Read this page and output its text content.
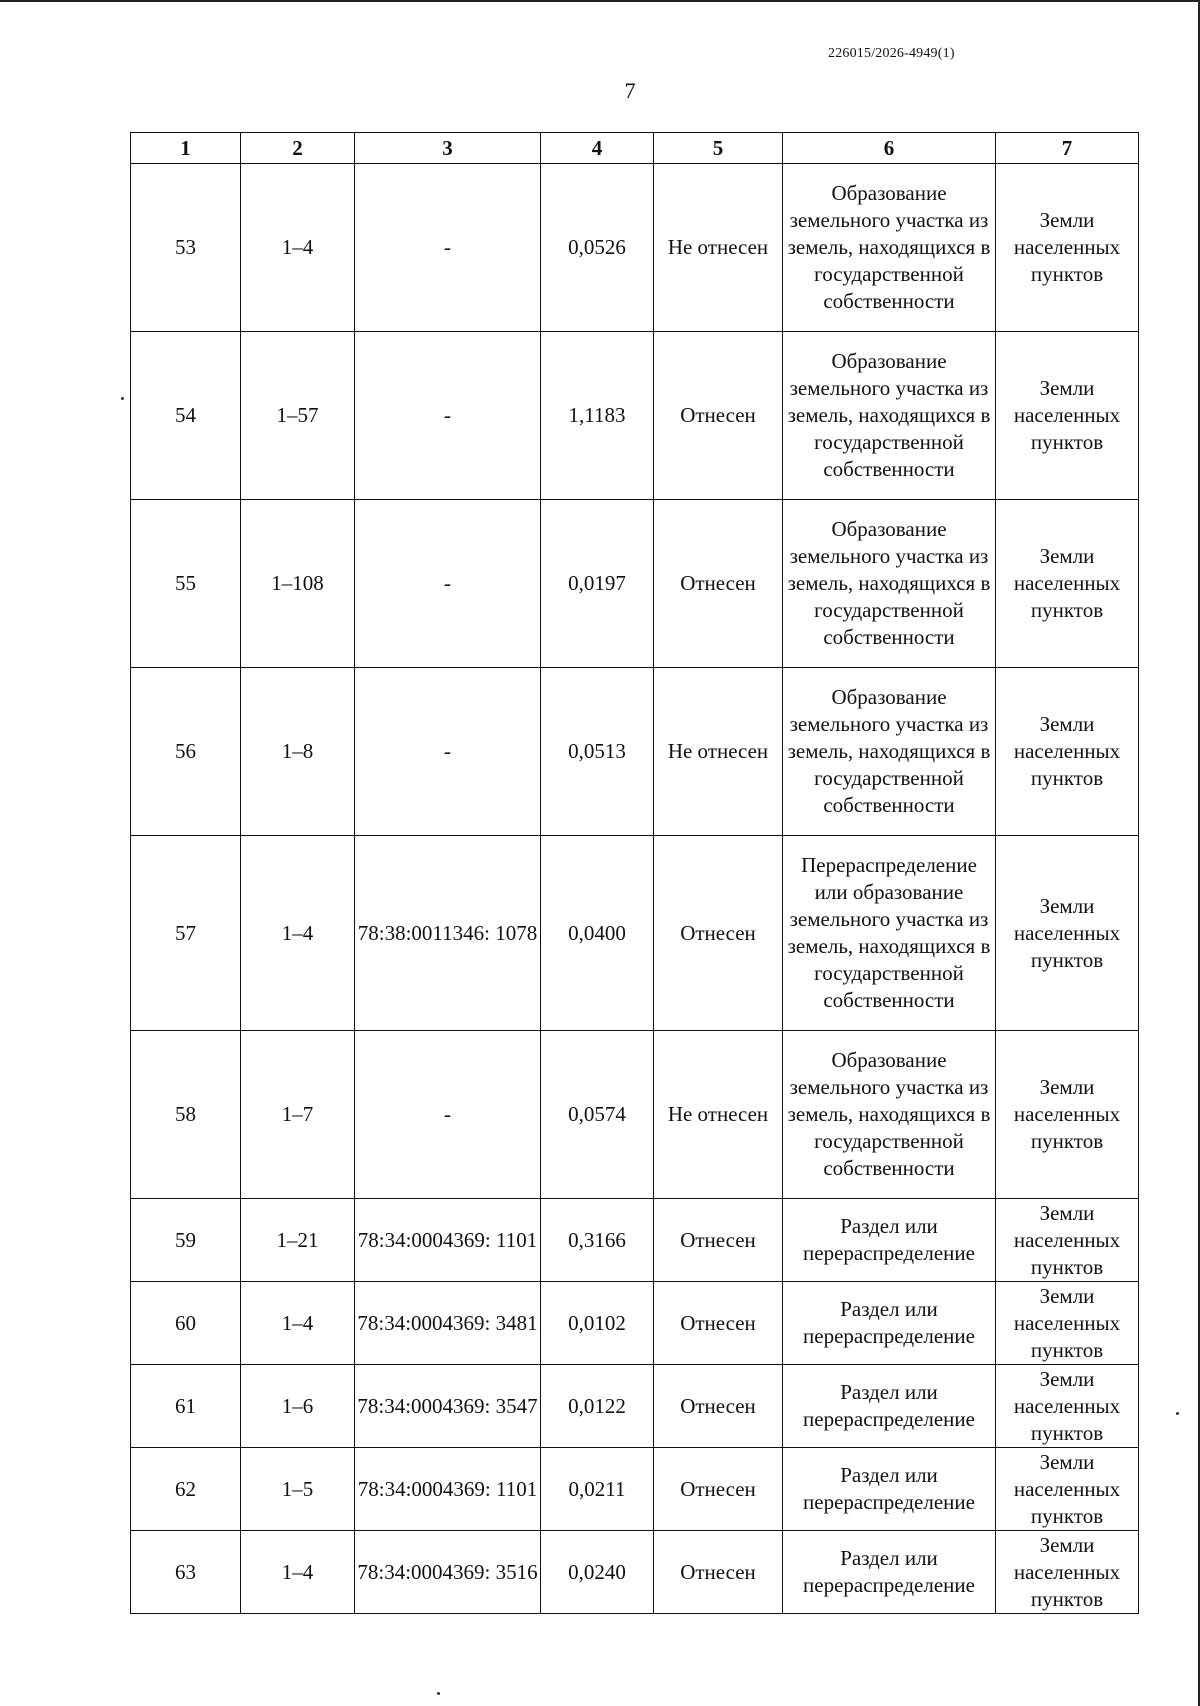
226015/2026-4949(1)
7
1	2	3	4	5	6	7
53	1–4	-	0,0526	Не отнесен	Образование земельного участка из земель, находящихся в государственной собственности	Земли населенных пунктов
54	1–57	-	1,1183	Отнесен	Образование земельного участка из земель, находящихся в государственной собственности	Земли населенных пунктов
55	1–108	-	0,0197	Отнесен	Образование земельного участка из земель, находящихся в государственной собственности	Земли населенных пунктов
56	1–8	-	0,0513	Не отнесен	Образование земельного участка из земель, находящихся в государственной собственности	Земли населенных пунктов
57	1–4	78:38:0011346: 1078	0,0400	Отнесен	Перераспределение или образование земельного участка из земель, находящихся в государственной собственности	Земли населенных пунктов
58	1–7	-	0,0574	Не отнесен	Образование земельного участка из земель, находящихся в государственной собственности	Земли населенных пунктов
59	1–21	78:34:0004369: 1101	0,3166	Отнесен	Раздел или перераспределение	Земли населенных пунктов
60	1–4	78:34:0004369: 3481	0,0102	Отнесен	Раздел или перераспределение	Земли населенных пунктов
61	1–6	78:34:0004369: 3547	0,0122	Отнесен	Раздел или перераспределение	Земли населенных пунктов
62	1–5	78:34:0004369: 1101	0,0211	Отнесен	Раздел или перераспределение	Земли населенных пунктов
63	1–4	78:34:0004369: 3516	0,0240	Отнесен	Раздел или перераспределение	Земли населенных пунктов
